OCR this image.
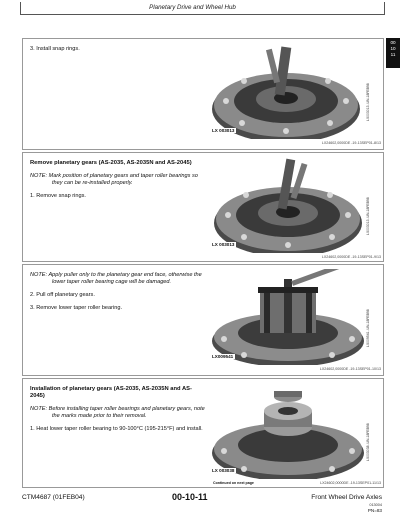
Planetary Drive and Wheel Hub
00
10
11
3. Install snap rings.
LX 003013
LX003013 -UN-18FEB98
LX24602,0000DE -19-13SEP01-8/13
Remove planetary gears (AS-2035, AS-2035N and AS-2045)
NOTE: Mark position of planetary gears and taper roller bearings so they can be re-installed properly.
1. Remove snap rings.
LX 003013
LX003013 -UN-18FEB98
LX24602,0000DE -19-13SEP01-9/13
NOTE: Apply puller only to the planetary gear end face, otherwise the lower taper roller bearing cage will be damaged.
2. Pull off planetary gears.
3. Remove lower taper roller bearing.
LX009541
LX009541 -UN-18FEB98
LX24602,0000DE -19-13SEP01-10/13
Installation of planetary gears (AS-2035, AS-2035N and AS-2045)
NOTE: Before installing taper roller bearings and planetary gears, note the marks made prior to their removal.
1. Heat lower taper roller bearing to 90-100°C (195-215°F) and install.
LX 003038
LX003038 -UN-18FEB98
Continued on next page	LX24602,0000DE -19-13SEP01-11/13
CTM4687 (01FEB04)	00-10-11	Front Wheel Drive Axles
013004
PN=83
